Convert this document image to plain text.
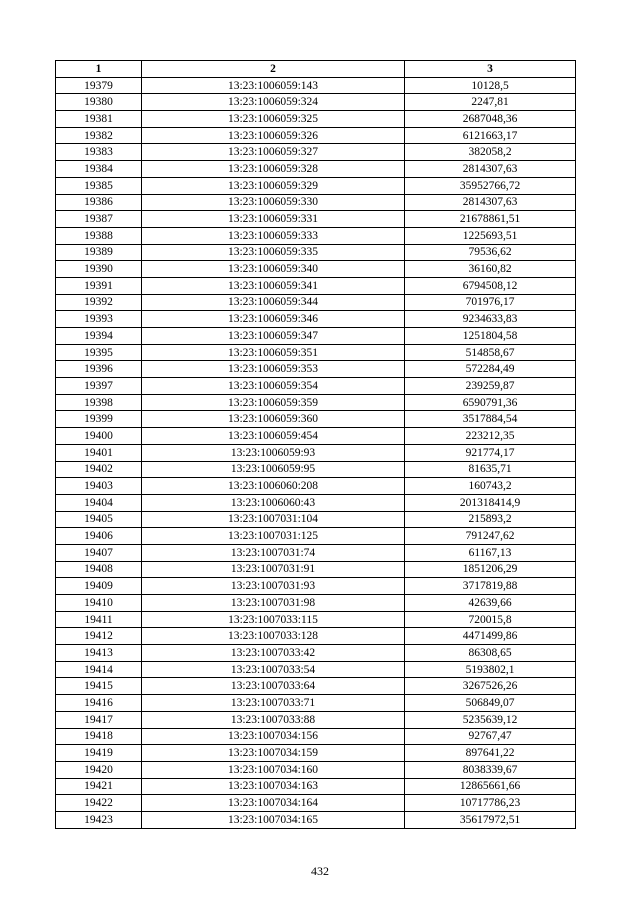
1	2	3
19379	13:23:1006059:143	10128,5
19380	13:23:1006059:324	2247,81
19381	13:23:1006059:325	2687048,36
19382	13:23:1006059:326	6121663,17
19383	13:23:1006059:327	382058,2
19384	13:23:1006059:328	2814307,63
19385	13:23:1006059:329	35952766,72
19386	13:23:1006059:330	2814307,63
19387	13:23:1006059:331	21678861,51
19388	13:23:1006059:333	1225693,51
19389	13:23:1006059:335	79536,62
19390	13:23:1006059:340	36160,82
19391	13:23:1006059:341	6794508,12
19392	13:23:1006059:344	701976,17
19393	13:23:1006059:346	9234633,83
19394	13:23:1006059:347	1251804,58
19395	13:23:1006059:351	514858,67
19396	13:23:1006059:353	572284,49
19397	13:23:1006059:354	239259,87
19398	13:23:1006059:359	6590791,36
19399	13:23:1006059:360	3517884,54
19400	13:23:1006059:454	223212,35
19401	13:23:1006059:93	921774,17
19402	13:23:1006059:95	81635,71
19403	13:23:1006060:208	160743,2
19404	13:23:1006060:43	201318414,9
19405	13:23:1007031:104	215893,2
19406	13:23:1007031:125	791247,62
19407	13:23:1007031:74	61167,13
19408	13:23:1007031:91	1851206,29
19409	13:23:1007031:93	3717819,88
19410	13:23:1007031:98	42639,66
19411	13:23:1007033:115	720015,8
19412	13:23:1007033:128	4471499,86
19413	13:23:1007033:42	86308,65
19414	13:23:1007033:54	5193802,1
19415	13:23:1007033:64	3267526,26
19416	13:23:1007033:71	506849,07
19417	13:23:1007033:88	5235639,12
19418	13:23:1007034:156	92767,47
19419	13:23:1007034:159	897641,22
19420	13:23:1007034:160	8038339,67
19421	13:23:1007034:163	12865661,66
19422	13:23:1007034:164	10717786,23
19423	13:23:1007034:165	35617972,51
432
